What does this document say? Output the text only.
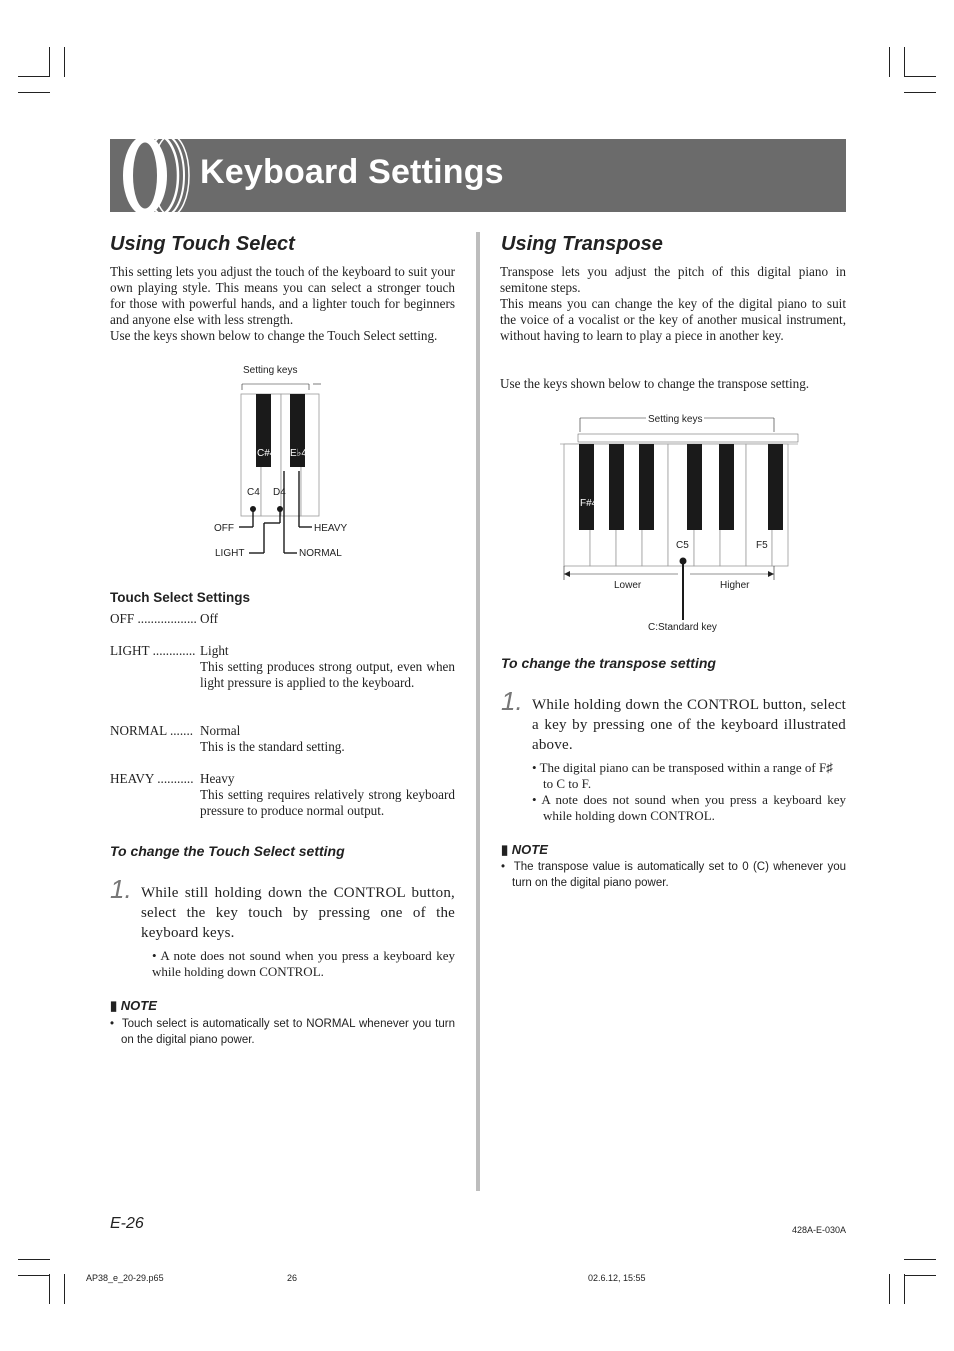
Keyboard Settings
Using Touch Select
This setting lets you adjust the touch of the keyboard to suit your own playing style. This means you can select a stronger touch for those with powerful hands, and a lighter touch for beginners and anyone else with less strength.
Use the keys shown below to change the Touch Select setting.
Setting keys
C#4 E♭4
C4 D4
OFF
LIGHT	NORMAL
HEAVY
Touch Select Settings
OFF .................. Off
LIGHT ............. Light
This setting produces strong output, even when light pressure is applied to the keyboard.
NORMAL ....... Normal
This is the standard setting.
HEAVY ........... Heavy
This setting requires relatively strong keyboard pressure to produce normal output.
To change the Touch Select setting
1. While still holding down the CONTROL button, select the key touch by pressing one of the keyboard keys.
• A note does not sound when you press a keyboard key while holding down CONTROL.
▮ NOTE
•  Touch select is automatically set to NORMAL whenever you turn on the digital piano power.
Using Transpose
Transpose lets you adjust the pitch of this digital piano in semitone steps.
This means you can change the key of the digital piano to suit the voice of a vocalist or the key of another musical instrument, without having to learn to play a piece in another key.
Use the keys shown below to change the transpose setting.
Setting keys
F#4
C5	F5
Lower	Higher
C:Standard key
To change the transpose setting
1. While holding down the CONTROL button, select a key by pressing one of the keyboard illustrated above.
• The digital piano can be transposed within a range of F♯ to C to F.
• A note does not sound when you press a keyboard key while holding down CONTROL.
▮ NOTE
•  The transpose value is automatically set to 0 (C) whenever you turn on the digital piano power.
E-26	428A-E-030A
AP38_e_20-29.p65	26	02.6.12, 15:55
